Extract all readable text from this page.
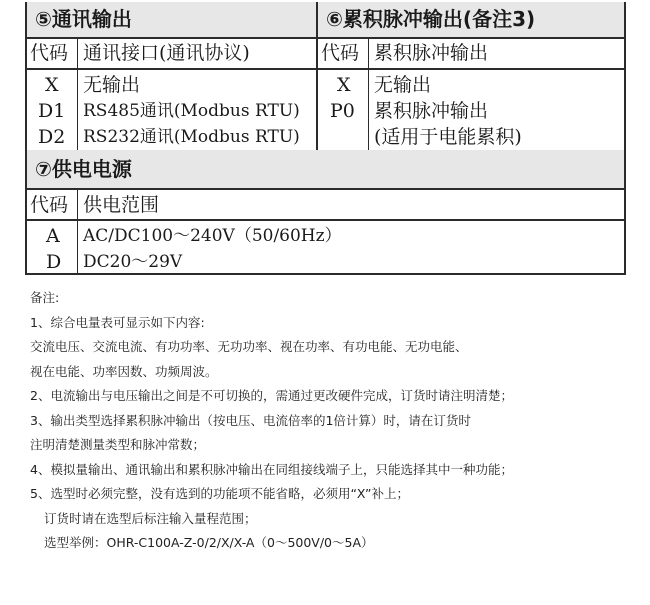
⑤通讯输出	⑥累积脉冲输出(备注3)
代码 通讯接口(通讯协议)
X 无输出
D1 RS485通讯(Modbus RTU)
D2 RS232通讯(Modbus RTU)
代码 累积脉冲输出
X 无输出
P0 累积脉冲输出
(适用于电能累积)
⑦供电电源
代码 供电范围
A AC/DC100～240V（50/60Hz）
D DC20～29V
备注:
1、综合电量表可显示如下内容:
交流电压、交流电流、有功功率、无功功率、视在功率、有功电能、无功电能、
视在电能、功率因数、功频周波。
2、电流输出与电压输出之间是不可切换的，需通过更改硬件完成，订货时请注明清楚；
3、输出类型选择累积脉冲输出（按电压、电流倍率的1倍计算）时，请在订货时
注明清楚测量类型和脉冲常数；
4、模拟量输出、通讯输出和累积脉冲输出在同组接线端子上，只能选择其中一种功能；
5、选型时必须完整，没有选到的功能项不能省略，必须用“X”补上；
订货时请在选型后标注输入量程范围；
选型举例：OHR-C100A-Z-0/2/X/X-A（0～500V/0～5A）
